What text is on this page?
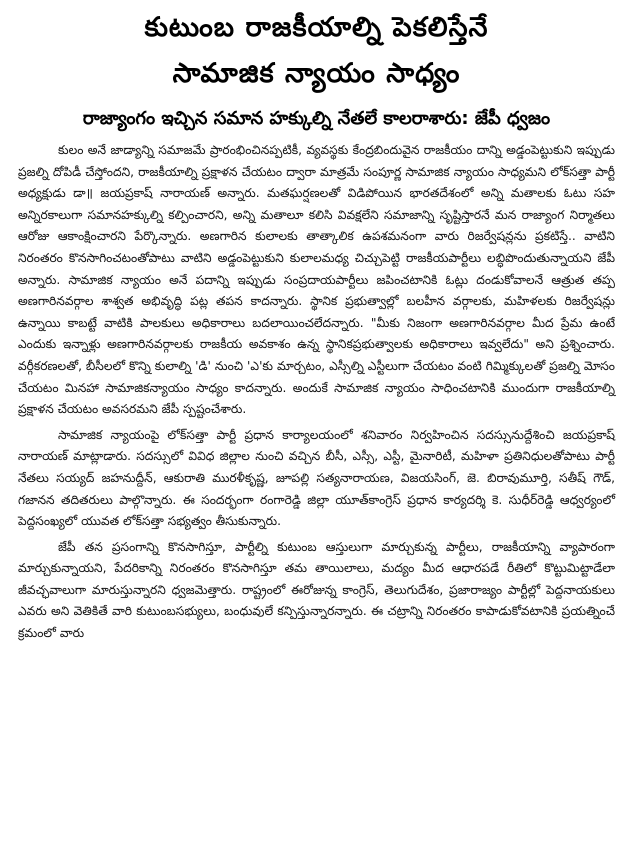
కుటుంబ రాజకీయాల్ని పెకలిస్తేనే
సామాజిక న్యాయం సాధ్యం
రాజ్యాంగం ఇచ్చిన సమాన హక్కుల్ని నేతలే కాలరాశారు: జేపీ ధ్వజం

కులం అనే జాడ్యాన్ని సమాజమే ప్రారంభించినప్పటికీ, వ్యవస్థకు కేంద్రబిందువైన రాజకీయం దాన్ని అడ్డంపెట్టుకుని ఇప్పుడు ప్రజల్ని దోపిడీ చేస్తోందని, రాజకీయాల్ని ప్రక్షాళన చేయటం ద్వారా మాత్రమే సంపూర్ణ సామాజిక న్యాయం సాధ్యమని లోక్‌సత్తా పార్టీ అధ్యక్షుడు డా॥ జయప్రకాష్ నారాయణ్ అన్నారు. మతఘర్షణలతో విడిపోయిన భారతదేశంలో అన్ని మతాలకు ఓటు సహ అన్నిరకాలుగా సమానహక్కుల్ని కల్పించారని, అన్ని మతాలూ కలిసి వివక్షలేని సమాజాన్ని సృష్టిస్తారనే మన రాజ్యాంగ నిర్మాతలు ఆరోజు ఆకాంక్షించారని పేర్కొన్నారు. అణగారిన కులాలకు తాత్కాలిక ఉపశమనంగా వారు రిజర్వేషన్లను ప్రకటిస్తే.. వాటిని నిరంతరం కొనసాగించటంతోపాటు వాటిని అడ్డంపెట్టుకుని కులాలమధ్య చిచ్చుపెట్టి రాజకీయపార్టీలు లబ్ధిపొందుతున్నాయని జేపీ అన్నారు. సామాజిక న్యాయం అనే పదాన్ని ఇప్పుడు సంప్రదాయపార్టీలు జపించటానికి ఓట్లు దండుకోవాలనే ఆత్రుత తప్ప అణగారినవర్గాల శాశ్వత అభివృద్ధి పట్ల తపన కాదన్నారు. స్థానిక ప్రభుత్వాల్లో బలహీన వర్గాలకు, మహిళలకు రిజర్వేషన్లు ఉన్నాయి కాబట్టే వాటికి పాలకులు అధికారాలు బదలాయించలేదన్నారు. "మీకు నిజంగా అణగారినవర్గాల మీద ప్రేమ ఉంటే ఎందుకు ఇన్నాళ్లు అణగారినవర్గాలకు రాజకీయ అవకాశం ఉన్న స్థానికప్రభుత్వాలకు అధికారాలు ఇవ్వలేదు" అని ప్రశ్నించారు. వర్గీకరణలతో, బీసీలలో కొన్ని కులాల్ని 'డి' నుంచి 'ఎ'కు మార్చటం, ఎస్సీల్ని ఎస్టీలుగా చేయటం వంటి గిమ్మిక్కులతో ప్రజల్ని మోసం చేయటం మినహా సామాజికన్యాయం సాధ్యం కాదన్నారు. అందుకే సామాజిక న్యాయం సాధించటానికి ముందుగా రాజకీయాల్ని ప్రక్షాళన చేయటం అవసరమని జేపీ స్పష్టంచేశారు.

సామాజిక న్యాయంపై లోక్‌సత్తా పార్టీ ప్రధాన కార్యాలయంలో శనివారం నిర్వహించిన సదస్సునుద్దేశించి జయప్రకాష్ నారాయణ్ మాట్లాడారు. సదస్సులో వివిధ జిల్లాల నుంచి వచ్చిన బీసీ, ఎస్సీ, ఎస్టీ, మైనారిటీ, మహిళా ప్రతినిధులతోపాటు పార్టీ నేతలు సయ్యద్ జహనుద్దీన్, ఆకురాతి మురళీకృష్ణ, జూపల్లి సత్యనారాయణ, విజయసింగ్, జె. బిరావుమూర్తి, సతీష్ గౌడ్, గజానన తదితరులు పాల్గొన్నారు. ఈ సందర్భంగా రంగారెడ్డి జిల్లా యూత్‌కాంగ్రెస్ ప్రధాన కార్యదర్శి కె. సుధీర్‌రెడ్డి ఆధ్వర్యంలో పెద్దసంఖ్యలో యువత లోక్‌సత్తా సభ్యత్వం తీసుకున్నారు.

జేపీ తన ప్రసంగాన్ని కొనసాగిస్తూ, పార్టీల్ని కుటుంబ ఆస్తులుగా మార్చుకున్న పార్టీలు, రాజకీయాన్ని వ్యాపారంగా మార్చుకున్నాయని, పేదరికాన్ని నిరంతరం కొనసాగిస్తూ తమ తాయిలాలు, మద్యం మీద ఆధారపడే రీతిలో కొట్టుమిట్టాడేలా జీవచ్ఛవాలుగా మారుస్తున్నారని ధ్వజమెత్తారు. రాష్ట్రంలో ఈరోజున్న కాంగ్రెస్, తెలుగుదేశం, ప్రజారాజ్యం పార్టీల్లో పెద్దనాయకులు ఎవరు అని వెతికితే వారి కుటుంబసభ్యులు, బంధువులే కన్పిస్తున్నారన్నారు. ఈ చట్రాన్ని నిరంతరం కాపాడుకోవటానికి ప్రయత్నించే క్రమంలో వారు
